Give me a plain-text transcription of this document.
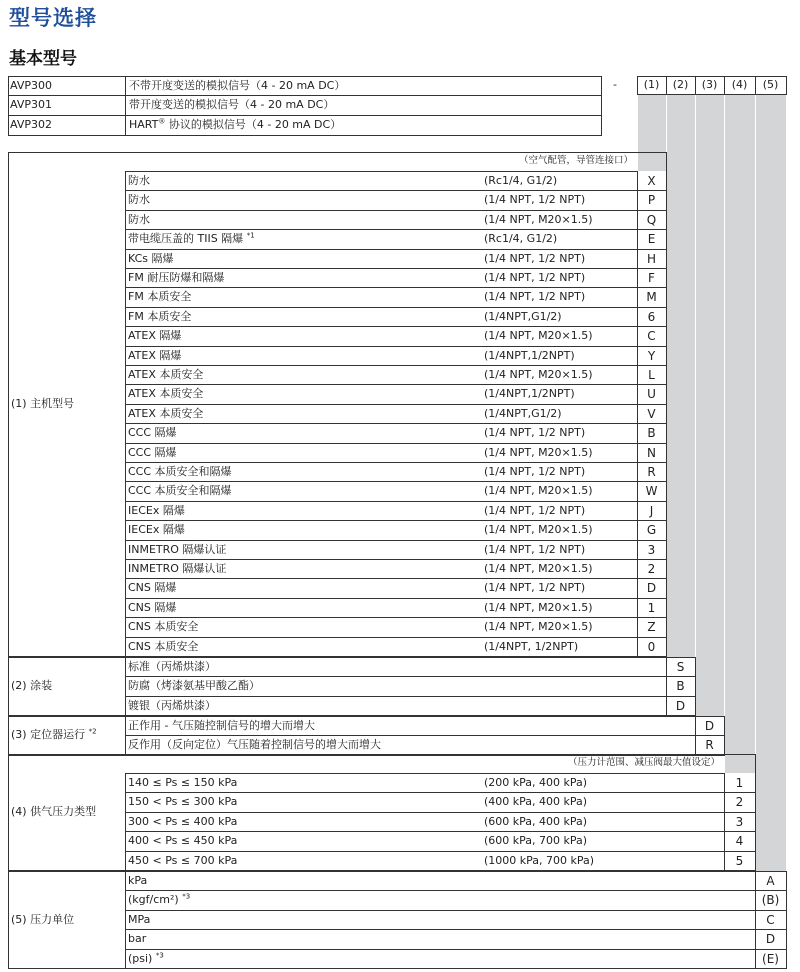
型号选择
基本型号
(1)	(2)	(3)	(4)	(5)
-
AVP300	不带开度变送的模拟信号（4 - 20 mA DC）
AVP301	带开度变送的模拟信号（4 - 20 mA DC）
AVP302	HART® 协议的模拟信号（4 - 20 mA DC）
(1) 主机型号
（空气配管，导管连接口）
防水	(Rc1/4, G1/2)	X
防水	(1/4 NPT, 1/2 NPT)	P
防水	(1/4 NPT, M20×1.5)	Q
带电缆压盖的 TIIS 隔爆 $^{*1}$	(Rc1/4, G1/2)	E
KCs 隔爆	(1/4 NPT, 1/2 NPT)	H
FM 耐压防爆和隔爆	(1/4 NPT, 1/2 NPT)	F
FM 本质安全	(1/4 NPT, 1/2 NPT)	M
FM 本质安全	(1/4NPT,G1/2)	6
ATEX 隔爆	(1/4 NPT, M20×1.5)	C
ATEX 隔爆	(1/4NPT,1/2NPT)	Y
ATEX 本质安全	(1/4 NPT, M20×1.5)	L
ATEX 本质安全	(1/4NPT,1/2NPT)	U
ATEX 本质安全	(1/4NPT,G1/2)	V
CCC 隔爆	(1/4 NPT, 1/2 NPT)	B
CCC 隔爆	(1/4 NPT, M20×1.5)	N
CCC 本质安全和隔爆	(1/4 NPT, 1/2 NPT)	R
CCC 本质安全和隔爆	(1/4 NPT, M20×1.5)	W
IECEx 隔爆	(1/4 NPT, 1/2 NPT)	J
IECEx 隔爆	(1/4 NPT, M20×1.5)	G
INMETRO 隔爆认证	(1/4 NPT, 1/2 NPT)	3
INMETRO 隔爆认证	(1/4 NPT, M20×1.5)	2
CNS 隔爆	(1/4 NPT, 1/2 NPT)	D
CNS 隔爆	(1/4 NPT, M20×1.5)	1
CNS 本质安全	(1/4 NPT, M20×1.5)	Z
CNS 本质安全	(1/4NPT, 1/2NPT)	0
(2) 涂装
标准（丙烯烘漆）	S
防腐（烤漆氨基甲酸乙酯）	B
镀银（丙烯烘漆）	D
(3) 定位器运行 $^{*2}$	正作用 - 气压随控制信号的增大而增大	D
反作用（反向定位）气压随着控制信号的增大而增大	R
(4) 供气压力类型
（压力计范围、减压阀最大值设定）
140 ≤ Ps ≤ 150 kPa	(200 kPa, 400 kPa)	1
150 < Ps ≤ 300 kPa	(400 kPa, 400 kPa)	2
300 < Ps ≤ 400 kPa	(600 kPa, 400 kPa)	3
400 < Ps ≤ 450 kPa	(600 kPa, 700 kPa)	4
450 < Ps ≤ 700 kPa	(1000 kPa, 700 kPa)	5
(5) 压力单位
kPa	A
(kgf/cm²) $^{*3}$	(B)
MPa	C
bar	D
(psi) $^{*3}$	(E)
